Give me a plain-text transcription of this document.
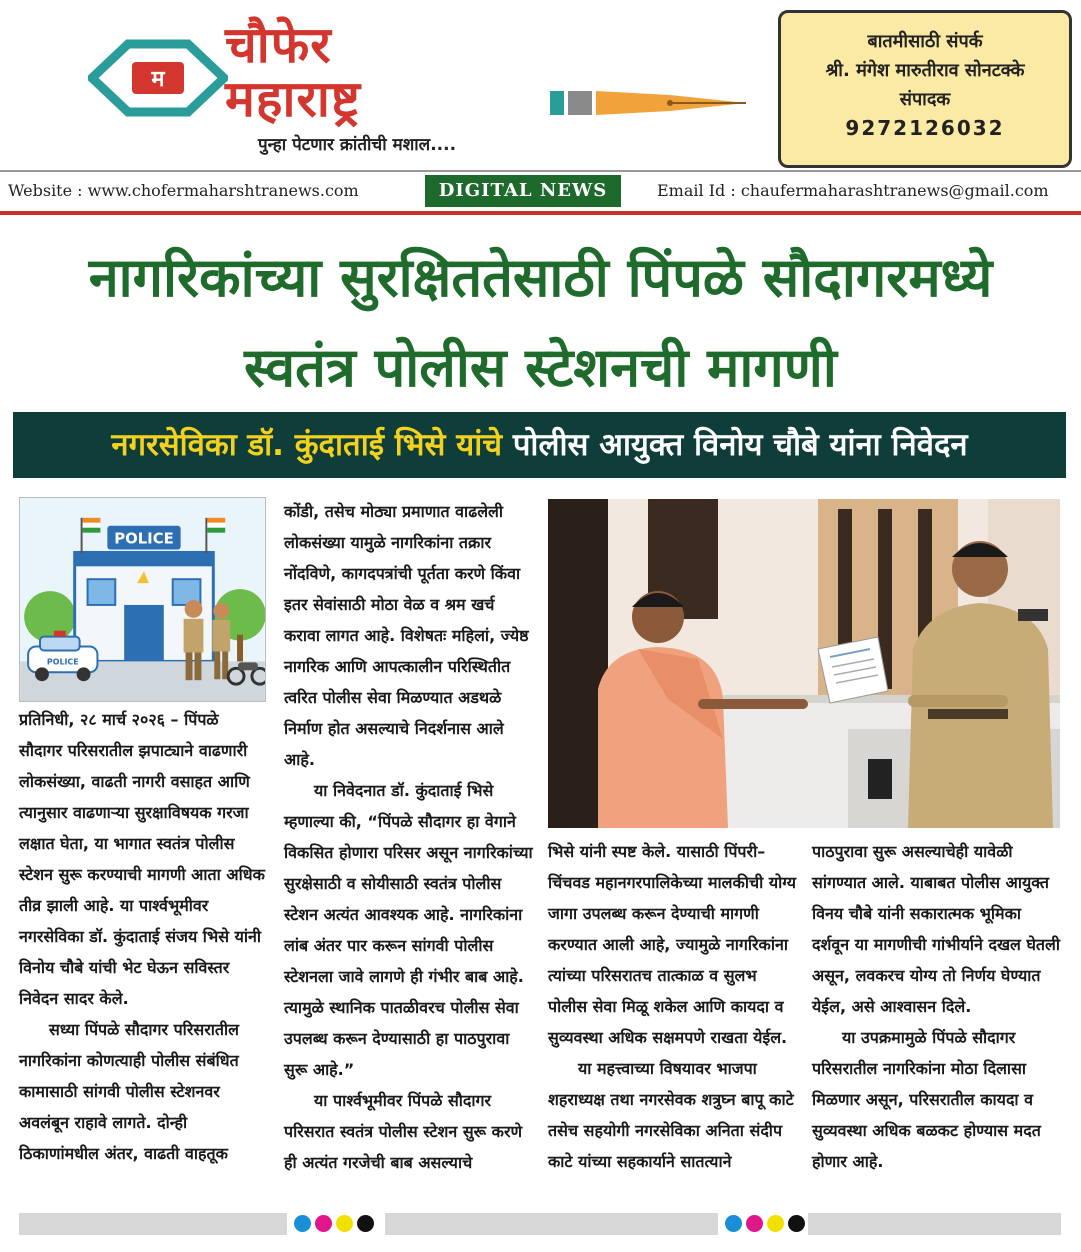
म
चौफेर
महाराष्ट्र
पुन्हा पेटणार क्रांतीची मशाल....
बातमीसाठी संपर्क
श्री. मंगेश मारुतीराव सोनटक्के
संपादक
9272126032
Website : www.chofermaharshtranews.com	DIGITAL NEWS	Email Id : chaufermaharashtranews@gmail.com
नागरिकांच्या सुरक्षिततेसाठी पिंपळे सौदागरमध्ये
स्वतंत्र पोलीस स्टेशनची मागणी
नगरसेविका डॉ. कुंदाताई भिसे यांचे पोलीस आयुक्त विनोय चौबे यांना निवेदन
POLICE
POLICE

प्रतिनिधी, २८ मार्च २०२६ – पिंपळे सौदागर परिसरातील झपाट्याने वाढणारी लोकसंख्या, वाढती नागरी वसाहत आणि त्यानुसार वाढणाऱ्या सुरक्षाविषयक गरजा लक्षात घेता, या भागात स्वतंत्र पोलीस स्टेशन सुरू करण्याची मागणी आता अधिक तीव्र झाली आहे. या पार्श्वभूमीवर नगरसेविका डॉ. कुंदाताई संजय भिसे यांनी विनोय चौबे यांची भेट घेऊन सविस्तर निवेदन सादर केले.

सध्या पिंपळे सौदागर परिसरातील नागरिकांना कोणत्याही पोलीस संबंधित कामासाठी सांगवी पोलीस स्टेशनवर अवलंबून राहावे लागते. दोन्ही ठिकाणांमधील अंतर, वाढती वाहतूक

कोंडी, तसेच मोठ्या प्रमाणात वाढलेली लोकसंख्या यामुळे नागरिकांना तक्रार नोंदविणे, कागदपत्रांची पूर्तता करणे किंवा इतर सेवांसाठी मोठा वेळ व श्रम खर्च करावा लागत आहे. विशेषतः महिलां, ज्येष्ठ नागरिक आणि आपत्कालीन परिस्थितीत त्वरित पोलीस सेवा मिळण्यात अडथळे निर्माण होत असल्याचे निदर्शनास आले आहे.

या निवेदनात डॉ. कुंदाताई भिसे म्हणाल्या की, “पिंपळे सौदागर हा वेगाने विकसित होणारा परिसर असून नागरिकांच्या सुरक्षेसाठी व सोयीसाठी स्वतंत्र पोलीस स्टेशन अत्यंत आवश्यक आहे. नागरिकांना लांब अंतर पार करून सांगवी पोलीस स्टेशनला जावे लागणे ही गंभीर बाब आहे. त्यामुळे स्थानिक पातळीवरच पोलीस सेवा उपलब्ध करून देण्यासाठी हा पाठपुरावा सुरू आहे.”

या पार्श्वभूमीवर पिंपळे सौदागर परिसरात स्वतंत्र पोलीस स्टेशन सुरू करणे ही अत्यंत गरजेची बाब असल्याचे

भिसे यांनी स्पष्ट केले. यासाठी पिंपरी–चिंचवड महानगरपालिकेच्या मालकीची योग्य जागा उपलब्ध करून देण्याची मागणी करण्यात आली आहे, ज्यामुळे नागरिकांना त्यांच्या परिसरातच तात्काळ व सुलभ पोलीस सेवा मिळू शकेल आणि कायदा व सुव्यवस्था अधिक सक्षमपणे राखता येईल.

या महत्त्वाच्या विषयावर भाजपा शहराध्यक्ष तथा नगरसेवक शत्रुघ्न बापू काटे तसेच सहयोगी नगरसेविका अनिता संदीप काटे यांच्या सहकार्याने सातत्याने

पाठपुरावा सुरू असल्याचेही यावेळी सांगण्यात आले. याबाबत पोलीस आयुक्त विनय चौबे यांनी सकारात्मक भूमिका दर्शवून या मागणीची गांभीर्याने दखल घेतली असून, लवकरच योग्य तो निर्णय घेण्यात येईल, असे आश्वासन दिले.

या उपक्रमामुळे पिंपळे सौदागर परिसरातील नागरिकांना मोठा दिलासा मिळणार असून, परिसरातील कायदा व सुव्यवस्था अधिक बळकट होण्यास मदत होणार आहे.
